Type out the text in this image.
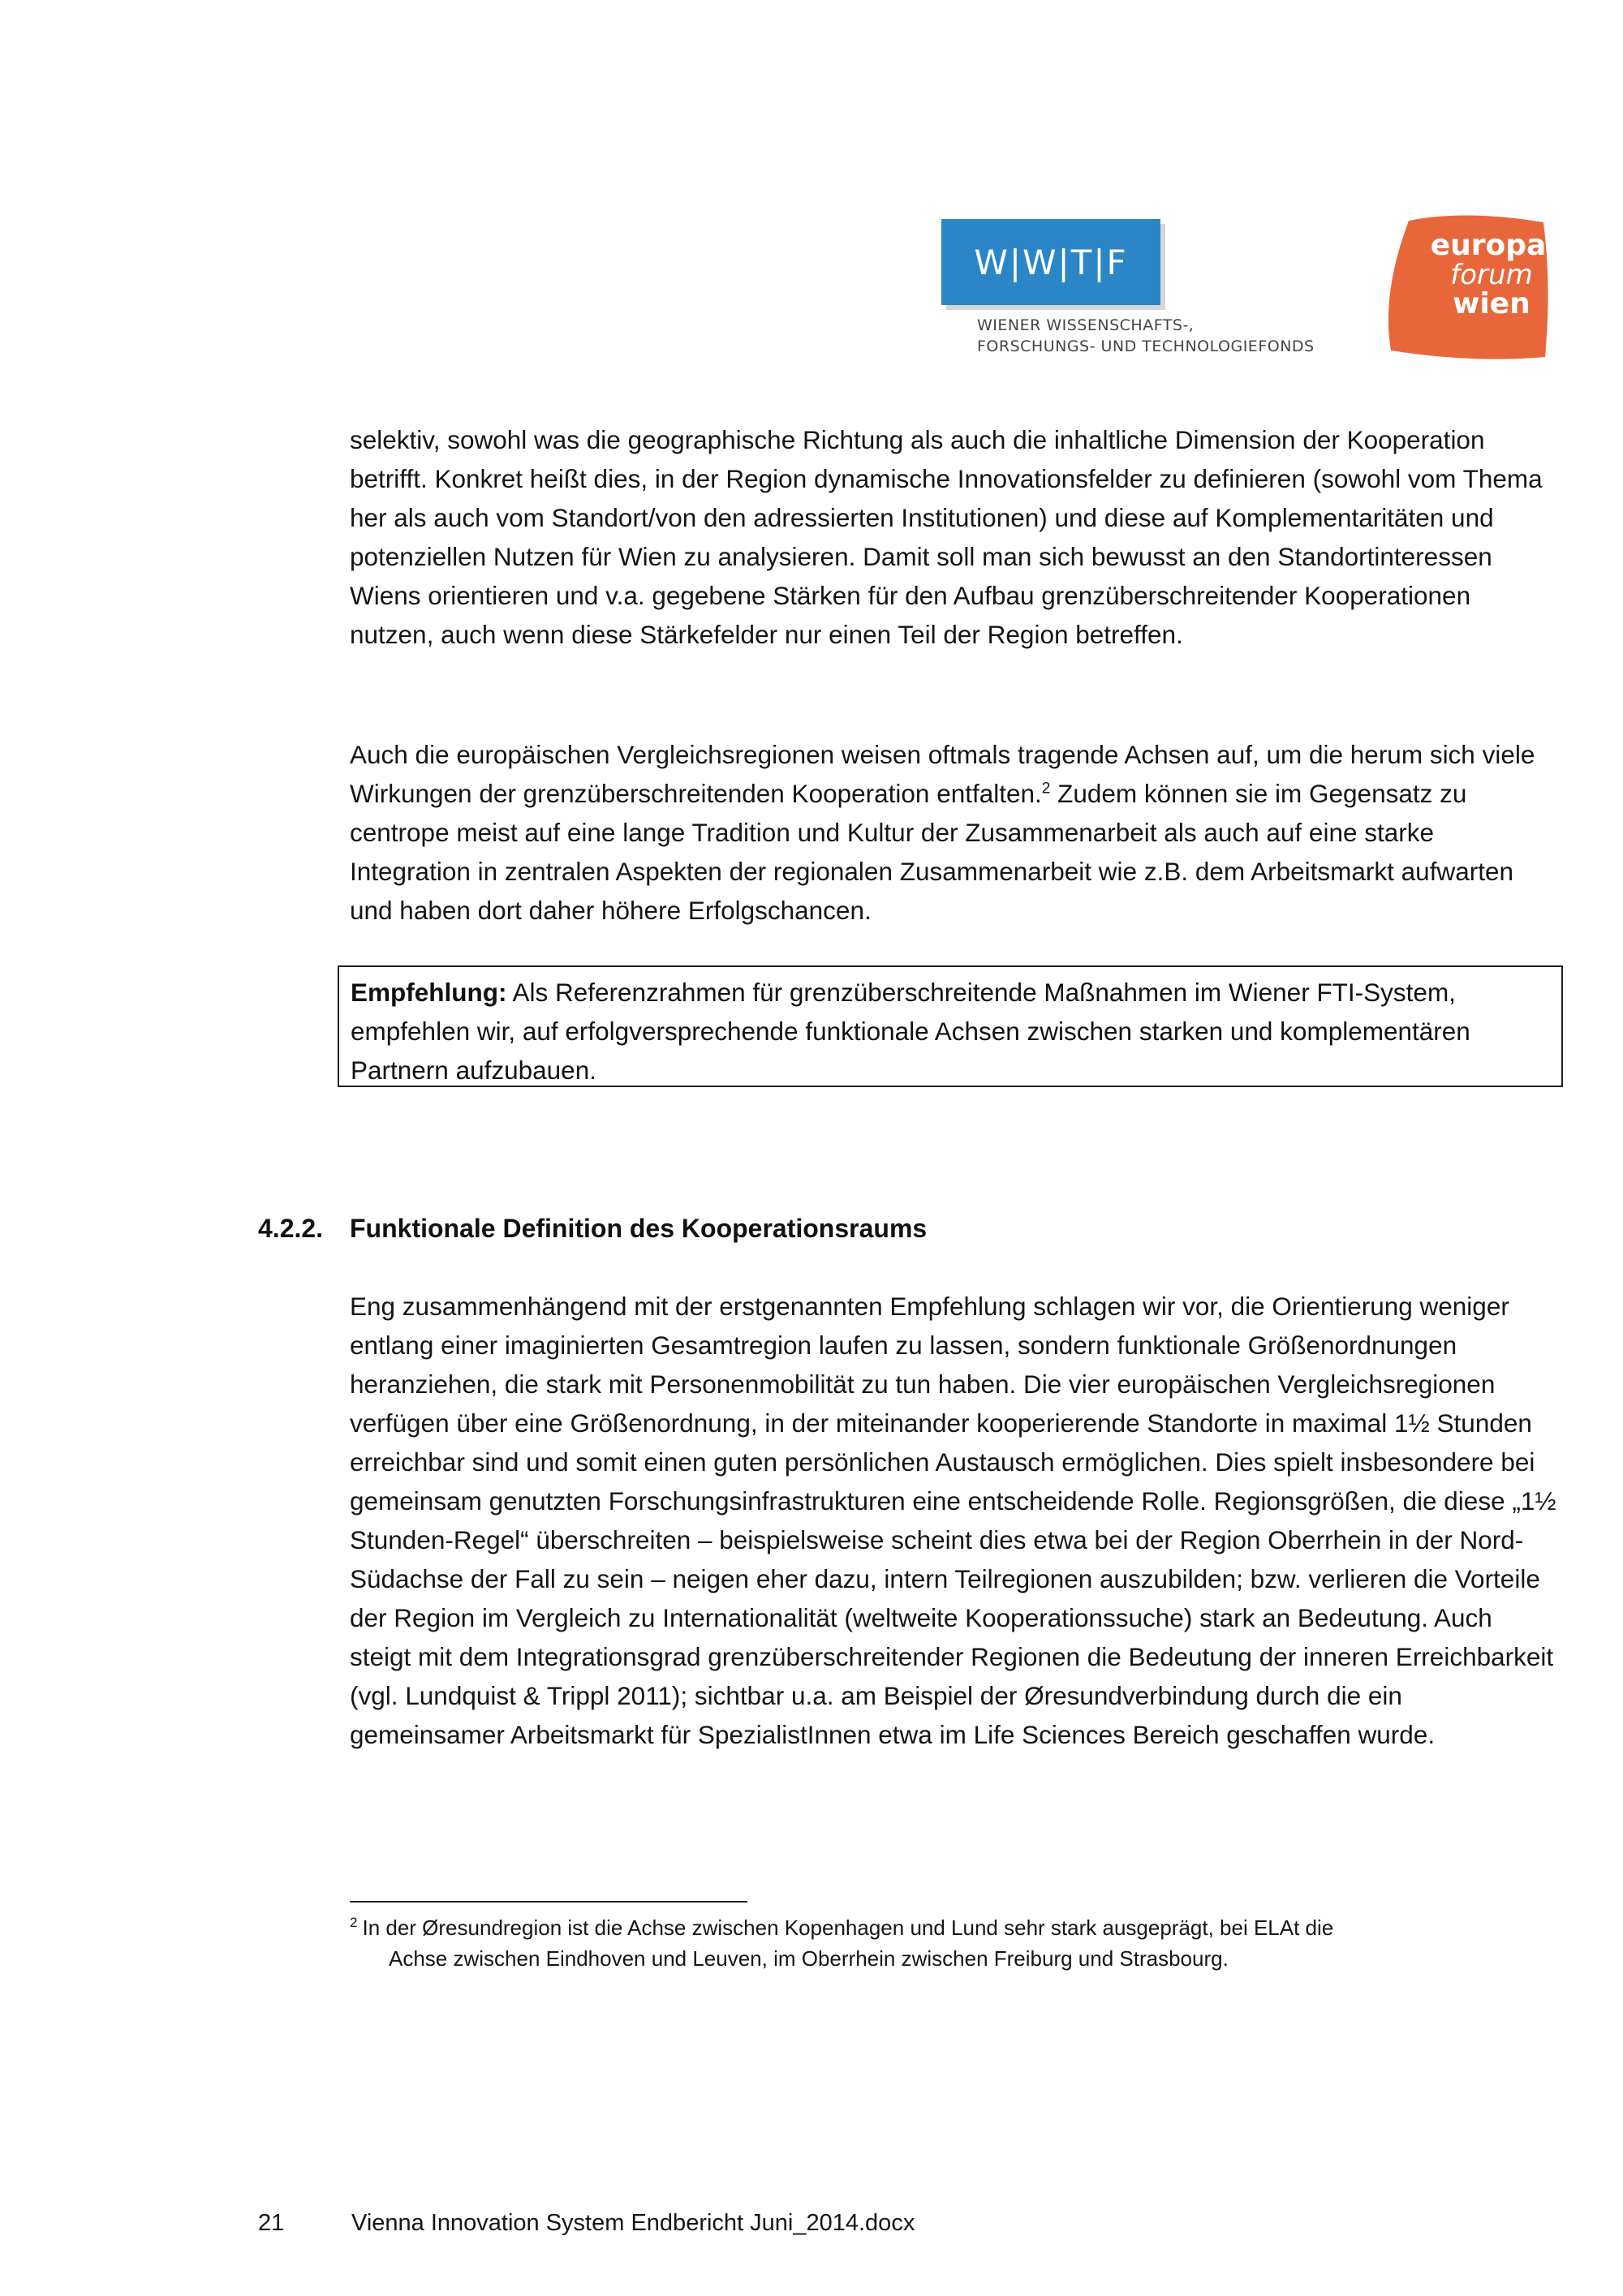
W|W|T|F
WIENER WISSENSCHAFTS-,
FORSCHUNGS- UND TECHNOLOGIEFONDS
europa
forum
wien
selektiv, sowohl was die geographische Richtung als auch die inhaltliche Dimension der Kooperation betrifft. Konkret heißt dies, in der Region dynamische Innovationsfelder zu definieren (sowohl vom Thema her als auch vom Standort/von den adressierten Institutionen) und diese auf Komplementaritäten und potenziellen Nutzen für Wien zu analysieren. Damit soll man sich bewusst an den Standortinteressen Wiens orientieren und v.a. gegebene Stärken für den Aufbau grenzüberschreitender Kooperationen nutzen, auch wenn diese Stärkefelder nur einen Teil der Region betreffen.
Auch die europäischen Vergleichsregionen weisen oftmals tragende Achsen auf, um die herum sich viele Wirkungen der grenzüberschreitenden Kooperation entfalten.$^2$ Zudem können sie im Gegensatz zu centrope meist auf eine lange Tradition und Kultur der Zusammenarbeit als auch auf eine starke Integration in zentralen Aspekten der regionalen Zusammenarbeit wie z.B. dem Arbeitsmarkt aufwarten und haben dort daher höhere Erfolgschancen.
Empfehlung: Als Referenzrahmen für grenzüberschreitende Maßnahmen im Wiener FTI-System, empfehlen wir, auf erfolgversprechende funktionale Achsen zwischen starken und komplementären Partnern aufzubauen.
4.2.2. Funktionale Definition des Kooperationsraums
Eng zusammenhängend mit der erstgenannten Empfehlung schlagen wir vor, die Orientierung weniger entlang einer imaginierten Gesamtregion laufen zu lassen, sondern funktionale Größenordnungen heranziehen, die stark mit Personenmobilität zu tun haben. Die vier europäischen Vergleichsregionen verfügen über eine Größenordnung, in der miteinander kooperierende Standorte in maximal 1½ Stunden erreichbar sind und somit einen guten persönlichen Austausch ermöglichen. Dies spielt insbesondere bei gemeinsam genutzten Forschungsinfrastrukturen eine entscheidende Rolle. Regionsgrößen, die diese „1½ Stunden-Regel“ überschreiten – beispielsweise scheint dies etwa bei der Region Oberrhein in der Nord-Südachse der Fall zu sein – neigen eher dazu, intern Teilregionen auszubilden; bzw. verlieren die Vorteile der Region im Vergleich zu Internationalität (weltweite Kooperationssuche) stark an Bedeutung. Auch steigt mit dem Integrationsgrad grenzüberschreitender Regionen die Bedeutung der inneren Erreichbarkeit (vgl. Lundquist & Trippl 2011); sichtbar u.a. am Beispiel der Øresundverbindung durch die ein gemeinsamer Arbeitsmarkt für SpezialistInnen etwa im Life Sciences Bereich geschaffen wurde.
$^2$ In der Øresundregion ist die Achse zwischen Kopenhagen und Lund sehr stark ausgeprägt, bei ELAt die
Achse zwischen Eindhoven und Leuven, im Oberrhein zwischen Freiburg und Strasbourg.
21	Vienna Innovation System Endbericht Juni_2014.docx
